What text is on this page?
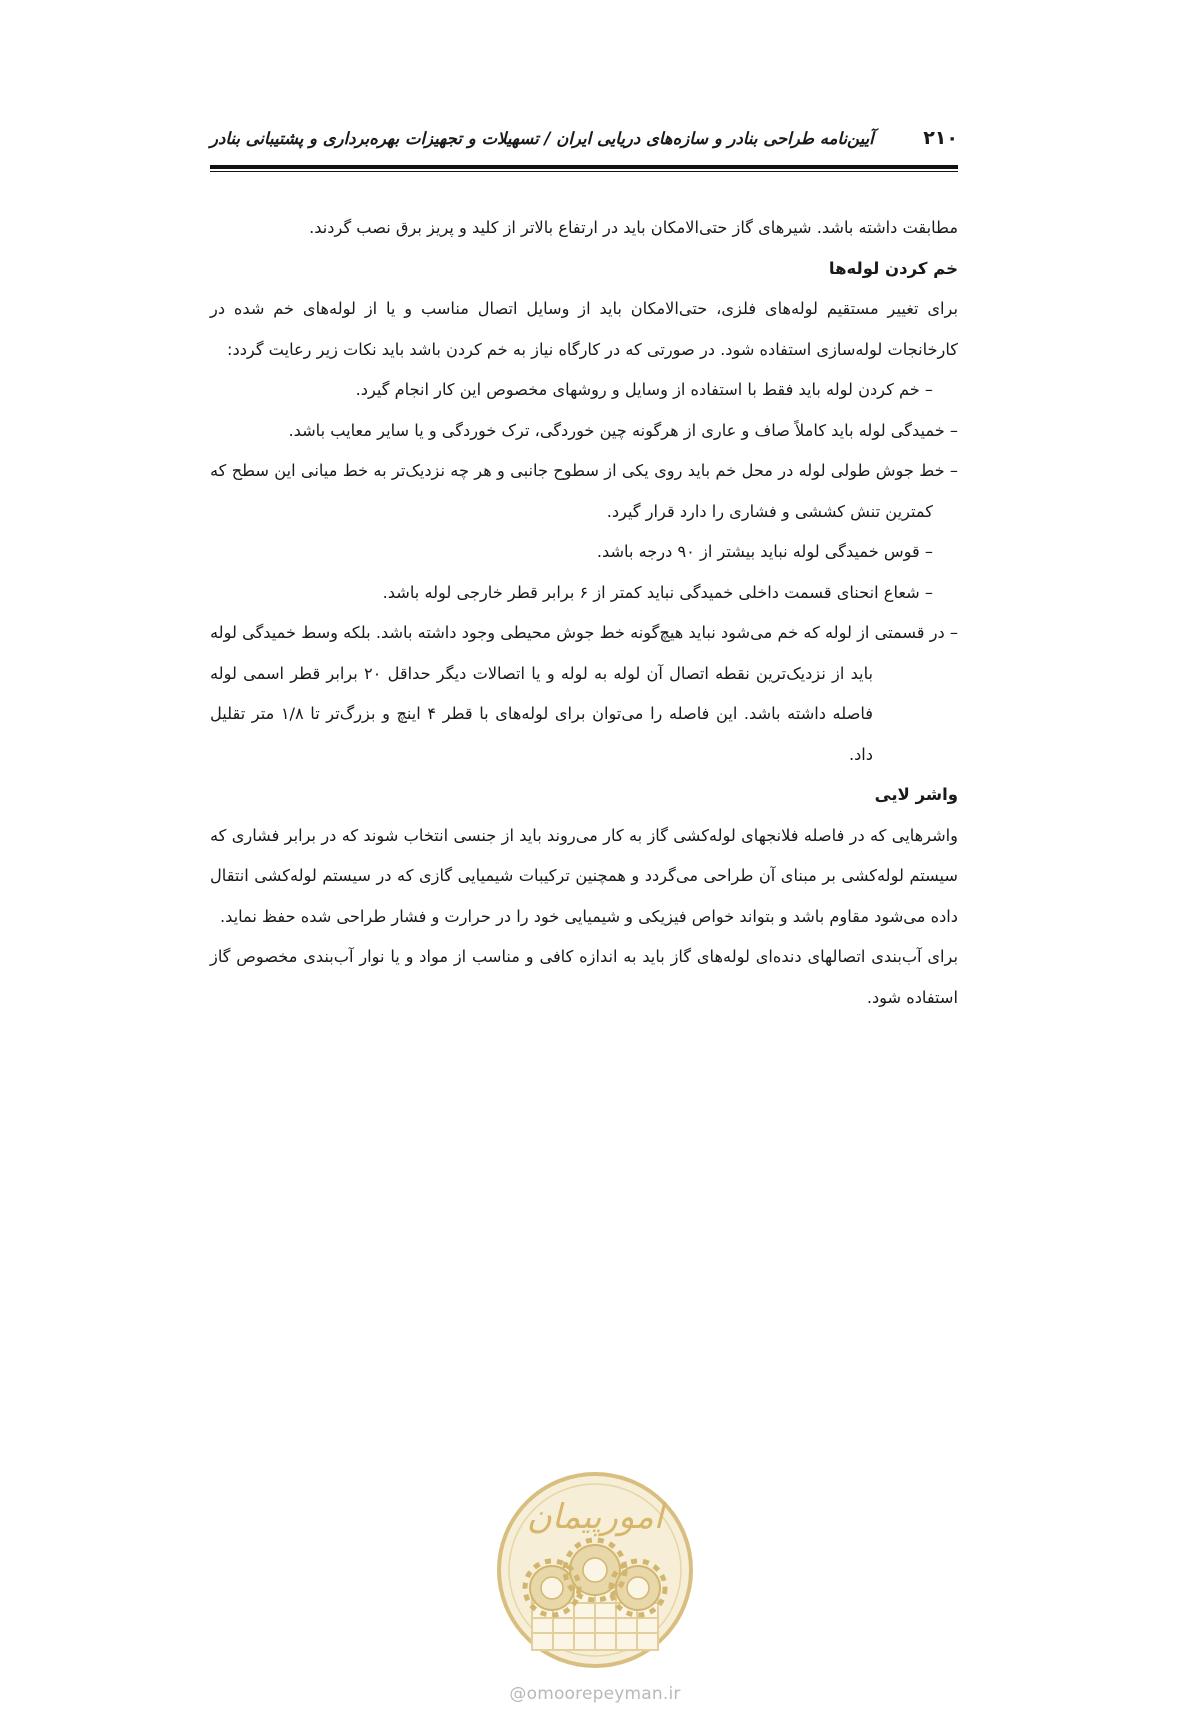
۲۱۰
آیین‌نامه طراحی بنادر و سازه‌های دریایی ایران / تسهیلات و تجهیزات بهره‌برداری و پشتیبانی بنادر

مطابقت داشته باشد. شیرهای گاز حتی‌الامکان باید در ارتفاع بالاتر از کلید و پریز برق نصب گردند.

خم کردن لوله‌ها

برای تغییر مستقیم لوله‌های فلزی، حتی‌الامکان باید از وسایل اتصال مناسب و یا از لوله‌های خم شده در کارخانجات لوله‌سازی استفاده شود. در صورتی که در کارگاه نیاز به خم کردن باشد باید نکات زیر رعایت گردد:

– خم کردن لوله باید فقط با استفاده از وسایل و روشهای مخصوص این کار انجام گیرد.
– خمیدگی لوله باید کاملاً صاف و عاری از هرگونه چین خوردگی، ترک خوردگی و یا سایر معایب باشد.
– خط جوش طولی لوله در محل خم باید روی یکی از سطوح جانبی و هر چه نزدیک‌تر به خط میانی این سطح که کمترین تنش کششی و فشاری را دارد قرار گیرد.
– قوس خمیدگی لوله نباید بیشتر از ۹۰ درجه باشد.
– شعاع انحنای قسمت داخلی خمیدگی نباید کمتر از ۶ برابر قطر خارجی لوله باشد.
– در قسمتی از لوله که خم می‌شود نباید هیچ‌گونه خط جوش محیطی وجود داشته باشد. بلکه وسط خمیدگی لوله باید از نزدیک‌ترین نقطه اتصال آن لوله به لوله و یا اتصالات دیگر حداقل ۲۰ برابر قطر اسمی لوله فاصله داشته باشد. این فاصله را می‌توان برای لوله‌های با قطر ۴ اینچ و بزرگ‌تر تا ۱/۸ متر تقلیل داد.
واشر لایی

واشرهایی که در فاصله فلانجهای لوله‌کشی گاز به کار می‌روند باید از جنسی انتخاب شوند که در برابر فشاری که سیستم لوله‌کشی بر مبنای آن طراحی می‌گردد و همچنین ترکیبات شیمیایی گازی که در سیستم لوله‌کشی انتقال داده می‌شود مقاوم باشد و بتواند خواص فیزیکی و شیمیایی خود را در حرارت و فشار طراحی شده حفظ نماید.

برای آب‌بندی اتصالهای دنده‌ای لوله‌های گاز باید به اندازه کافی و مناسب از مواد و یا نوار آب‌بندی مخصوص گاز استفاده شود.

امورپیمان
@omoorepeyman.ir
